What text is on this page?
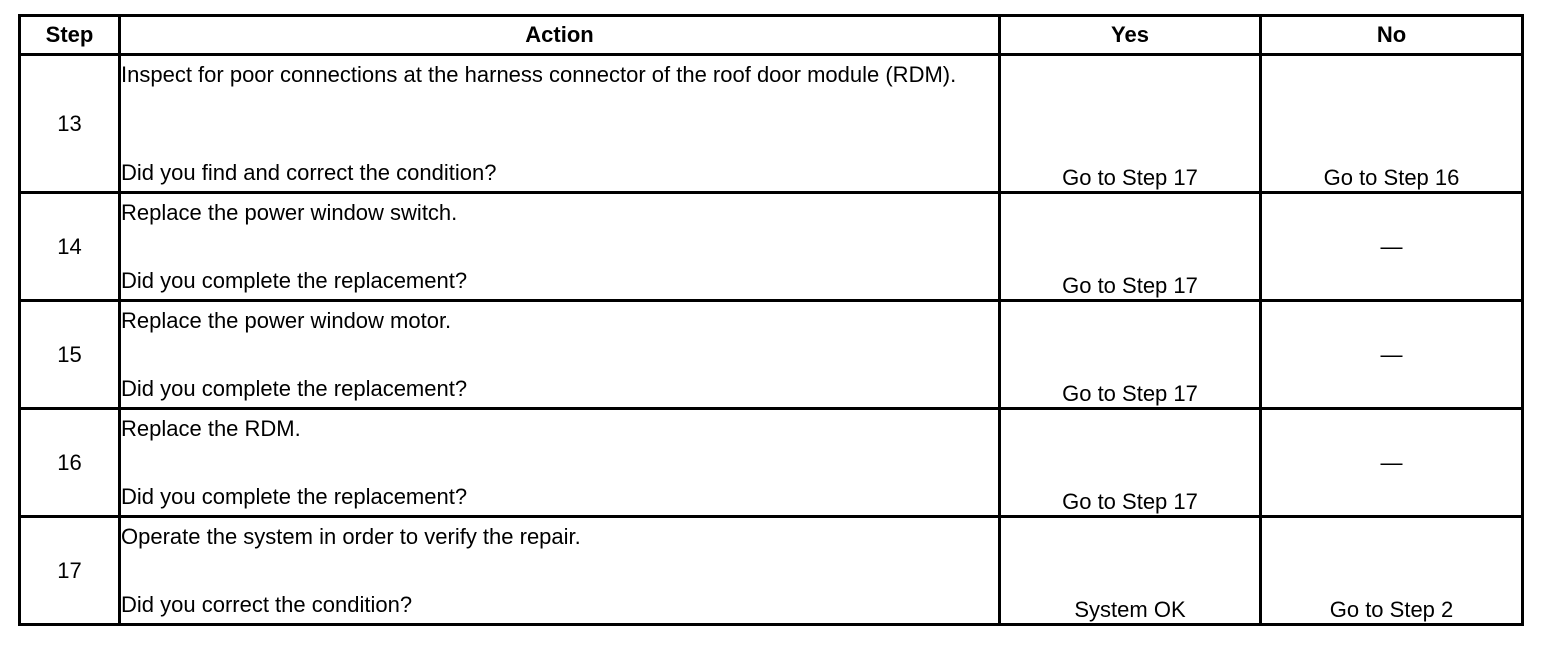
Step	Action	Yes	No
13	Inspect for poor connections at the harness connector of the roof door module (RDM).
Did you find and correct the condition?	Go to Step 17	Go to Step 16
14	Replace the power window switch.
Did you complete the replacement?	Go to Step 17	—
15	Replace the power window motor.
Did you complete the replacement?	Go to Step 17	—
16	Replace the RDM.
Did you complete the replacement?	Go to Step 17	—
17	Operate the system in order to verify the repair.
Did you correct the condition?	System OK	Go to Step 2
